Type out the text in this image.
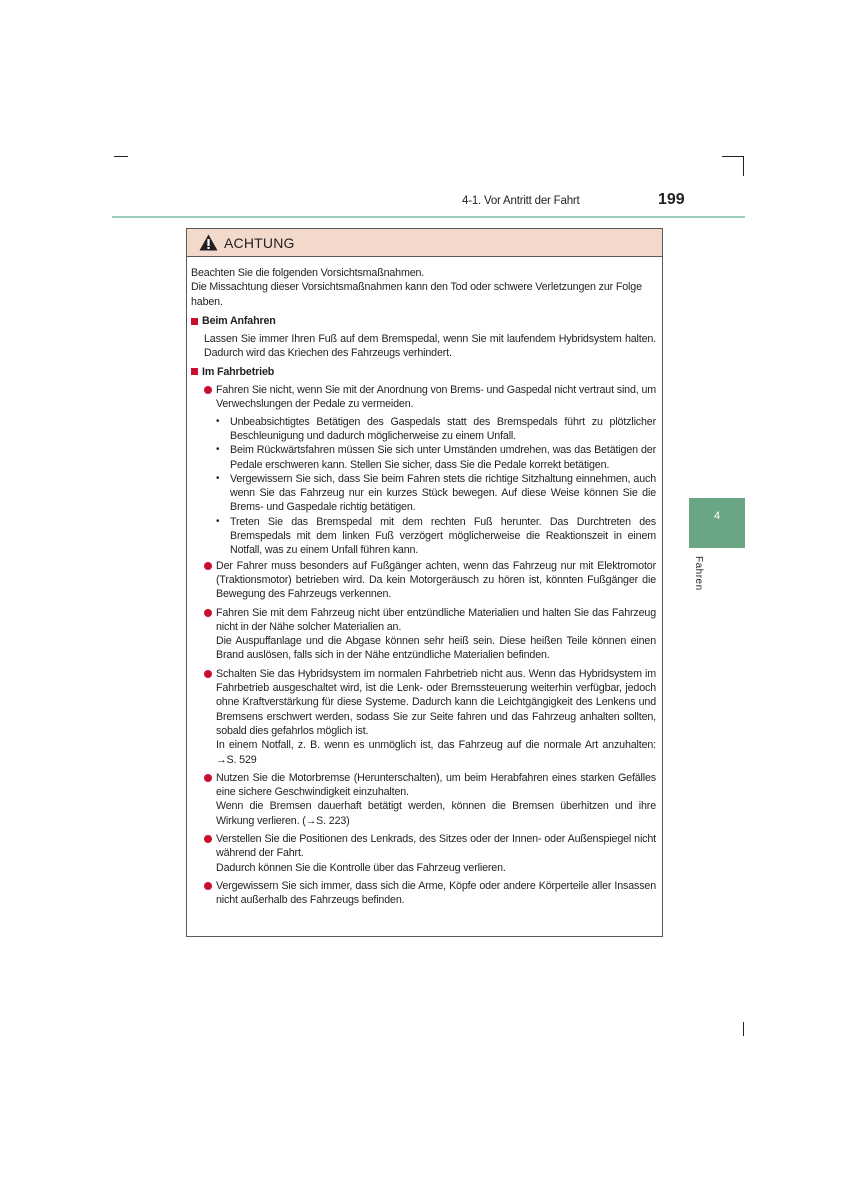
4-1. Vor Antritt der Fahrt	199
4
Fahren
ACHTUNG

Beachten Sie die folgenden Vorsichtsmaßnahmen.

Die Missachtung dieser Vorsichtsmaßnahmen kann den Tod oder schwere Verletzungen zur Folge haben.

Beim Anfahren

Lassen Sie immer Ihren Fuß auf dem Bremspedal, wenn Sie mit laufendem Hybridsystem halten. Dadurch wird das Kriechen des Fahrzeugs verhindert.

Im Fahrbetrieb

Fahren Sie nicht, wenn Sie mit der Anordnung von Brems- und Gaspedal nicht vertraut sind, um Verwechslungen der Pedale zu vermeiden.

• Unbeabsichtigtes Betätigen des Gaspedals statt des Bremspedals führt zu plötzlicher Beschleunigung und dadurch möglicherweise zu einem Unfall.
• Beim Rückwärtsfahren müssen Sie sich unter Umständen umdrehen, was das Betätigen der Pedale erschweren kann. Stellen Sie sicher, dass Sie die Pedale korrekt betätigen.
• Vergewissern Sie sich, dass Sie beim Fahren stets die richtige Sitzhaltung einnehmen, auch wenn Sie das Fahrzeug nur ein kurzes Stück bewegen. Auf diese Weise können Sie die Brems- und Gaspedale richtig betätigen.
• Treten Sie das Bremspedal mit dem rechten Fuß herunter. Das Durchtreten des Bremspedals mit dem linken Fuß verzögert möglicherweise die Reaktionszeit in einem Notfall, was zu einem Unfall führen kann.

Der Fahrer muss besonders auf Fußgänger achten, wenn das Fahrzeug nur mit Elektromotor (Traktionsmotor) betrieben wird. Da kein Motorgeräusch zu hören ist, könnten Fußgänger die Bewegung des Fahrzeugs verkennen.

Fahren Sie mit dem Fahrzeug nicht über entzündliche Materialien und halten Sie das Fahrzeug nicht in der Nähe solcher Materialien an.

Die Auspuffanlage und die Abgase können sehr heiß sein. Diese heißen Teile können einen Brand auslösen, falls sich in der Nähe entzündliche Materialien befinden.

Schalten Sie das Hybridsystem im normalen Fahrbetrieb nicht aus. Wenn das Hybridsystem im Fahrbetrieb ausgeschaltet wird, ist die Lenk- oder Bremssteuerung weiterhin verfügbar, jedoch ohne Kraftverstärkung für diese Systeme. Dadurch kann die Leichtgängigkeit des Lenkens und Bremsens erschwert werden, sodass Sie zur Seite fahren und das Fahrzeug anhalten sollten, sobald dies gefahrlos möglich ist.

In einem Notfall, z. B. wenn es unmöglich ist, das Fahrzeug auf die normale Art anzuhalten: →S. 529

Nutzen Sie die Motorbremse (Herunterschalten), um beim Herabfahren eines starken Gefälles eine sichere Geschwindigkeit einzuhalten.

Wenn die Bremsen dauerhaft betätigt werden, können die Bremsen überhitzen und ihre Wirkung verlieren. (→S. 223)

Verstellen Sie die Positionen des Lenkrads, des Sitzes oder der Innen- oder Außenspiegel nicht während der Fahrt.

Dadurch können Sie die Kontrolle über das Fahrzeug verlieren.

Vergewissern Sie sich immer, dass sich die Arme, Köpfe oder andere Körperteile aller Insassen nicht außerhalb des Fahrzeugs befinden.
